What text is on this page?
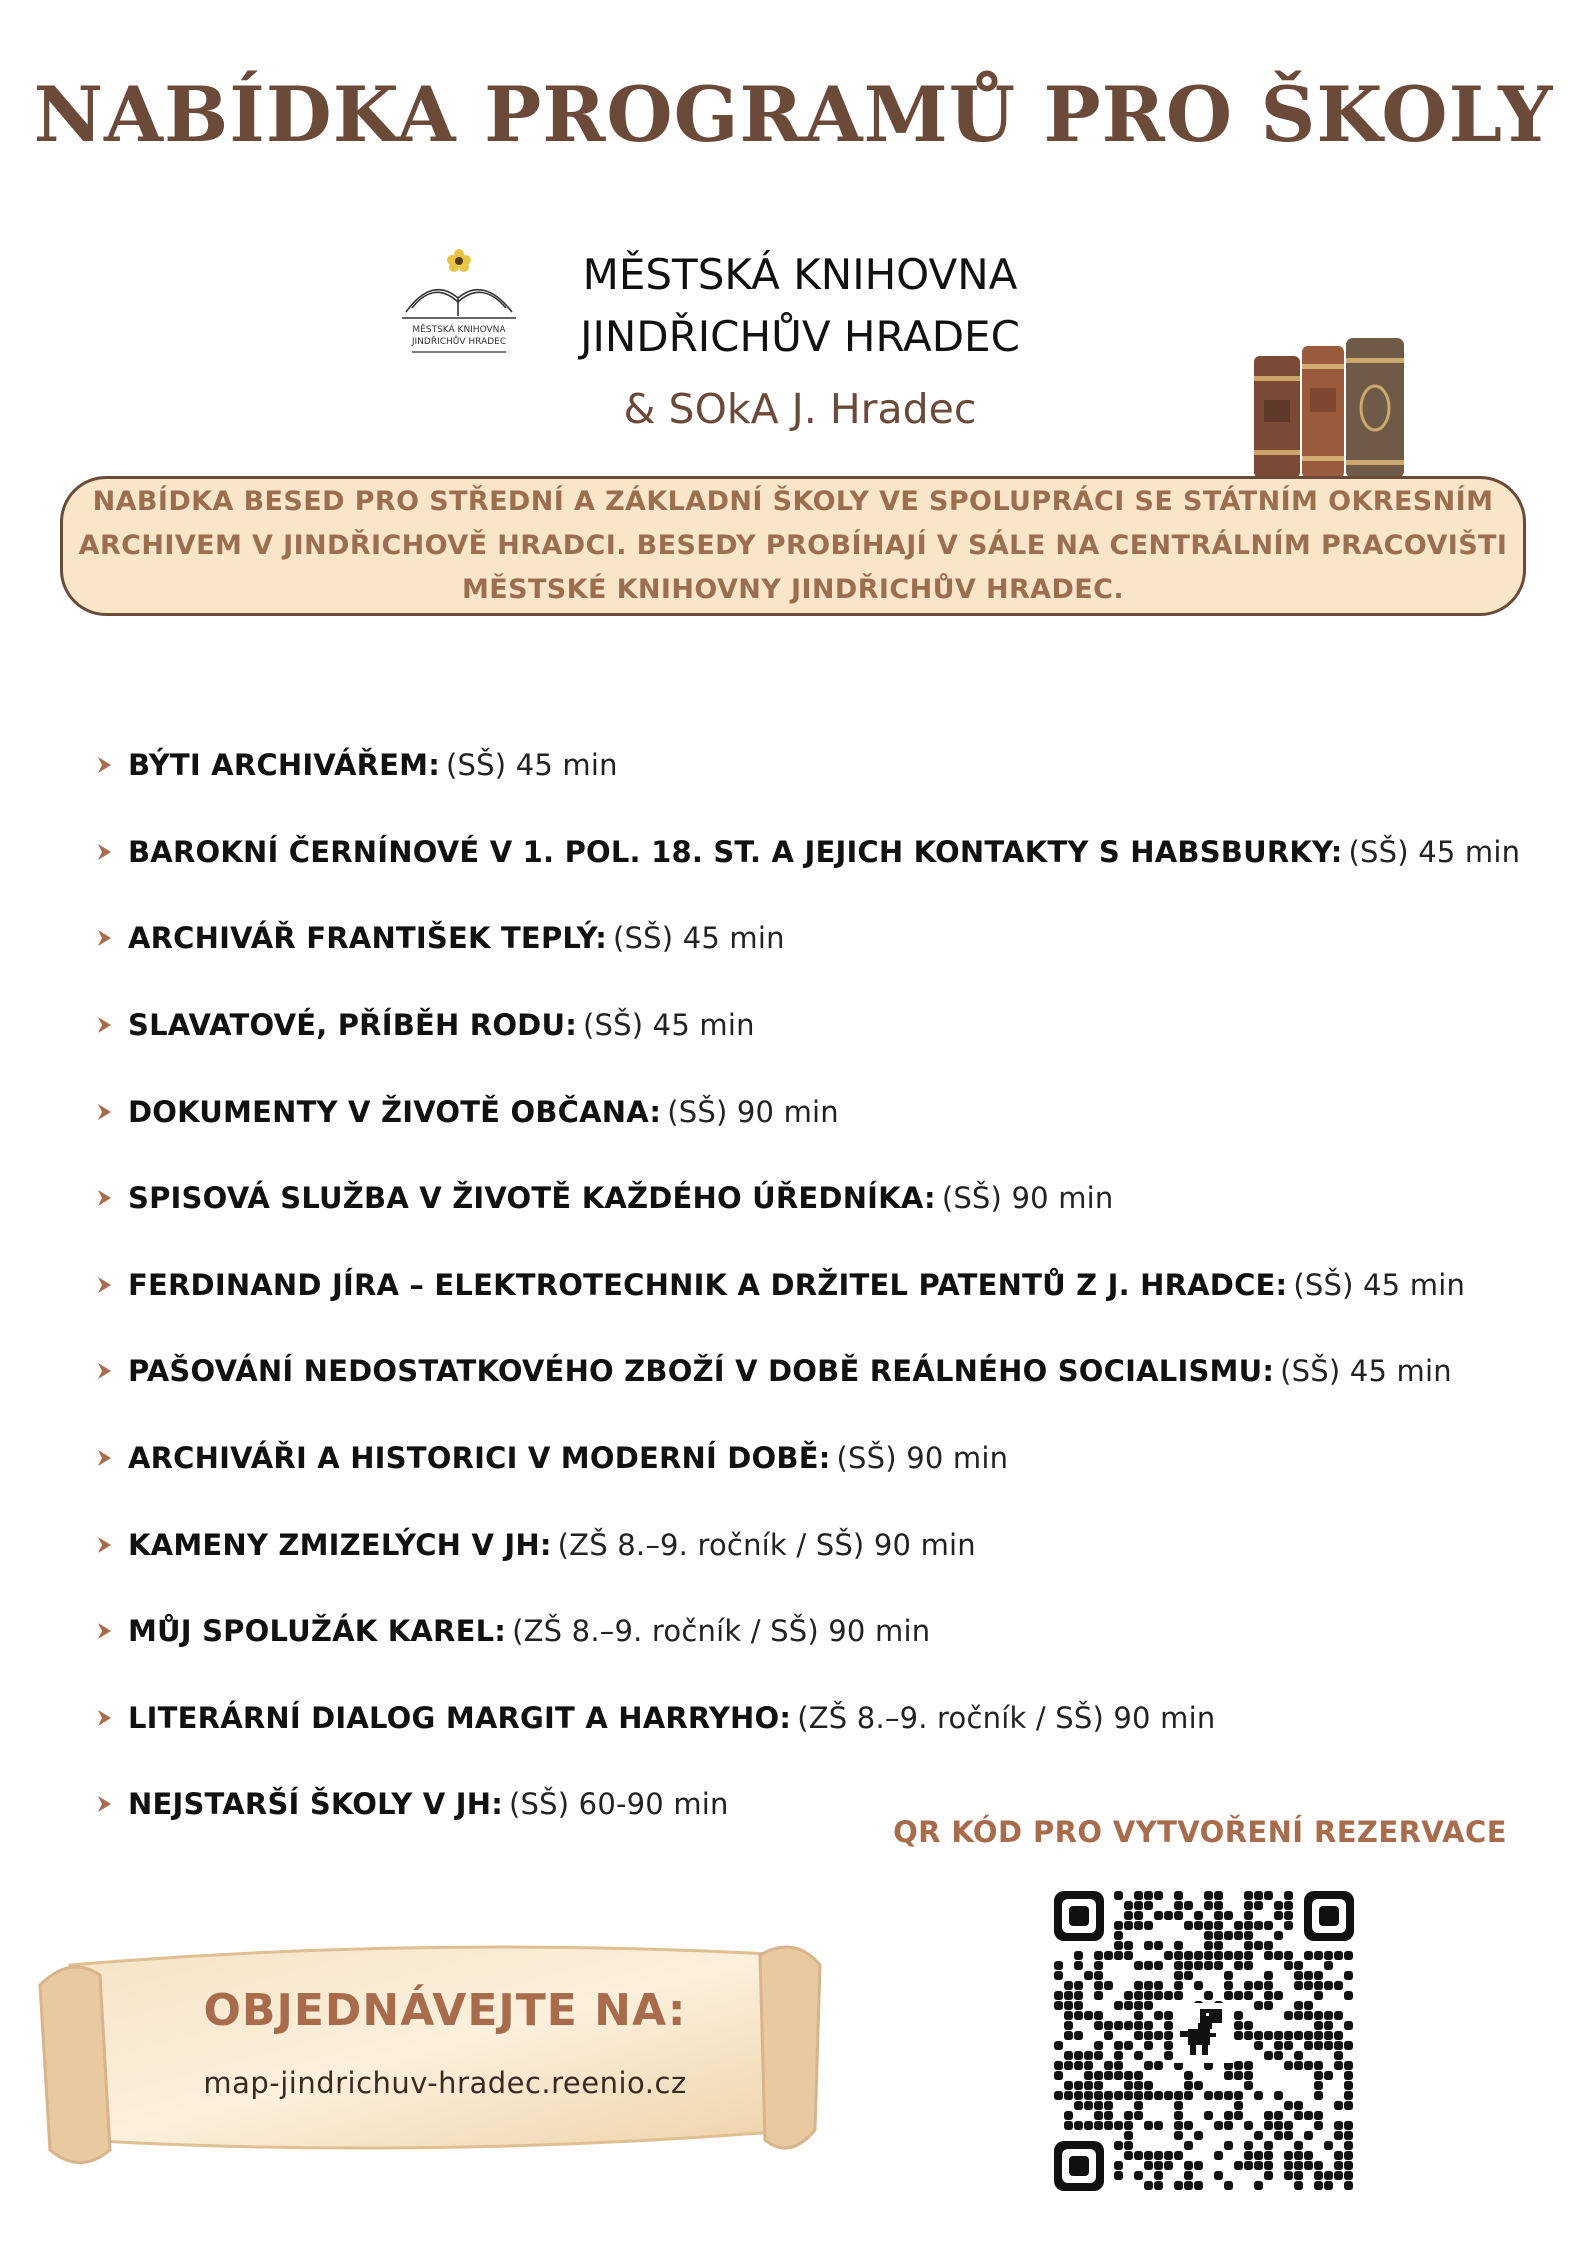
NABÍDKA PROGRAMŮ PRO ŠKOLY
MĚSTSKÁ KNIHOVNA
JINDŘICHŮV HRADEC
MĚSTSKÁ KNIHOVNA
JINDŘICHŮV HRADEC
& SOkA J. Hradec
NABÍDKA BESED PRO STŘEDNÍ A ZÁKLADNÍ ŠKOLY VE SPOLUPRÁCI SE STÁTNÍM OKRESNÍM ARCHIVEM V JINDŘICHOVĚ HRADCI. BESEDY PROBÍHAJÍ V SÁLE NA CENTRÁLNÍM PRACOVIŠTI MĚSTSKÉ KNIHOVNY JINDŘICHŮV HRADEC.
BÝTI ARCHIVÁŘEM: (SŠ) 45 min
BAROKNÍ ČERNÍNOVÉ V 1. POL. 18. ST. A JEJICH KONTAKTY S HABSBURKY: (SŠ) 45 min
ARCHIVÁŘ FRANTIŠEK TEPLÝ: (SŠ) 45 min
SLAVATOVÉ, PŘÍBĚH RODU: (SŠ) 45 min
DOKUMENTY V ŽIVOTĚ OBČANA: (SŠ) 90 min
SPISOVÁ SLUŽBA V ŽIVOTĚ KAŽDÉHO ÚŘEDNÍKA: (SŠ) 90 min
FERDINAND JÍRA – ELEKTROTECHNIK A DRŽITEL PATENTŮ Z J. HRADCE: (SŠ) 45 min
PAŠOVÁNÍ NEDOSTATKOVÉHO ZBOŽÍ V DOBĚ REÁLNÉHO SOCIALISMU: (SŠ) 45 min
ARCHIVÁŘI A HISTORICI V MODERNÍ DOBĚ: (SŠ) 90 min
KAMENY ZMIZELÝCH V JH: (ZŠ 8.–9. ročník / SŠ) 90 min
MŮJ SPOLUŽÁK KAREL: (ZŠ 8.–9. ročník / SŠ) 90 min
LITERÁRNÍ DIALOG MARGIT A HARRYHO: (ZŠ 8.–9. ročník / SŠ) 90 min
NEJSTARŠÍ ŠKOLY V JH: (SŠ) 60-90 min
QR KÓD PRO VYTVOŘENÍ REZERVACE
OBJEDNÁVEJTE NA:
map-jindrichuv-hradec.reenio.cz
